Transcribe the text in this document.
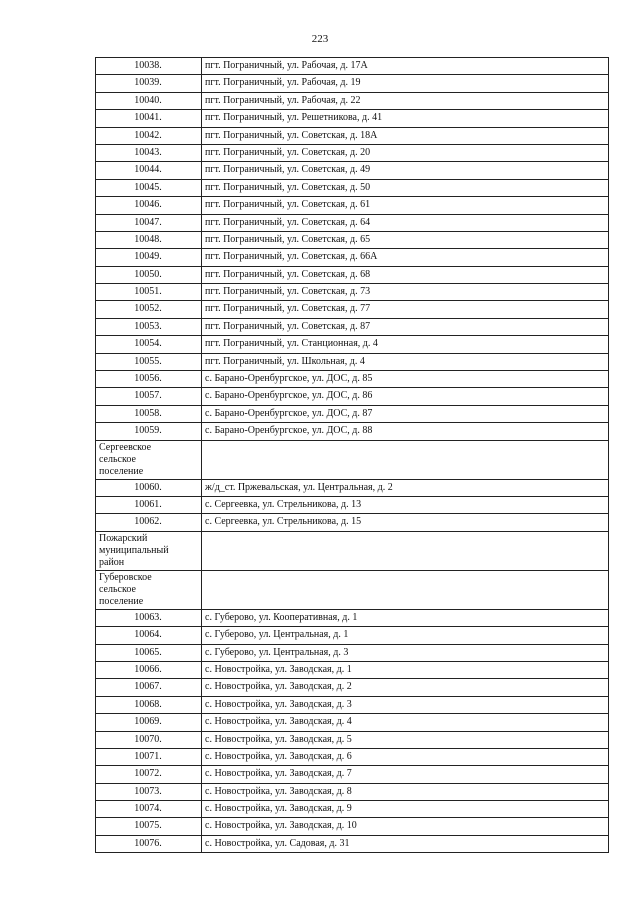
223
10038.	пгт. Пограничный, ул. Рабочая, д. 17А
10039.	пгт. Пограничный, ул. Рабочая, д. 19
10040.	пгт. Пограничный, ул. Рабочая, д. 22
10041.	пгт. Пограничный, ул. Решетникова, д. 41
10042.	пгт. Пограничный, ул. Советская, д. 18А
10043.	пгт. Пограничный, ул. Советская, д. 20
10044.	пгт. Пограничный, ул. Советская, д. 49
10045.	пгт. Пограничный, ул. Советская, д. 50
10046.	пгт. Пограничный, ул. Советская, д. 61
10047.	пгт. Пограничный, ул. Советская, д. 64
10048.	пгт. Пограничный, ул. Советская, д. 65
10049.	пгт. Пограничный, ул. Советская, д. 66А
10050.	пгт. Пограничный, ул. Советская, д. 68
10051.	пгт. Пограничный, ул. Советская, д. 73
10052.	пгт. Пограничный, ул. Советская, д. 77
10053.	пгт. Пограничный, ул. Советская, д. 87
10054.	пгт. Пограничный, ул. Станционная, д. 4
10055.	пгт. Пограничный, ул. Школьная, д. 4
10056.	с. Барано-Оренбургское, ул. ДОС, д. 85
10057.	с. Барано-Оренбургское, ул. ДОС, д. 86
10058.	с. Барано-Оренбургское, ул. ДОС, д. 87
10059.	с. Барано-Оренбургское, ул. ДОС, д. 88
Сергеевское
сельское
поселение	
10060.	ж/д_ст. Пржевальская, ул. Центральная, д. 2
10061.	с. Сергеевка, ул. Стрельникова, д. 13
10062.	с. Сергеевка, ул. Стрельникова, д. 15
Пожарский
муниципальный
район	
Губеровское
сельское
поселение	
10063.	с. Губерово, ул. Кооперативная, д. 1
10064.	с. Губерово, ул. Центральная, д. 1
10065.	с. Губерово, ул. Центральная, д. 3
10066.	с. Новостройка, ул. Заводская, д. 1
10067.	с. Новостройка, ул. Заводская, д. 2
10068.	с. Новостройка, ул. Заводская, д. 3
10069.	с. Новостройка, ул. Заводская, д. 4
10070.	с. Новостройка, ул. Заводская, д. 5
10071.	с. Новостройка, ул. Заводская, д. 6
10072.	с. Новостройка, ул. Заводская, д. 7
10073.	с. Новостройка, ул. Заводская, д. 8
10074.	с. Новостройка, ул. Заводская, д. 9
10075.	с. Новостройка, ул. Заводская, д. 10
10076.	с. Новостройка, ул. Садовая, д. 31
